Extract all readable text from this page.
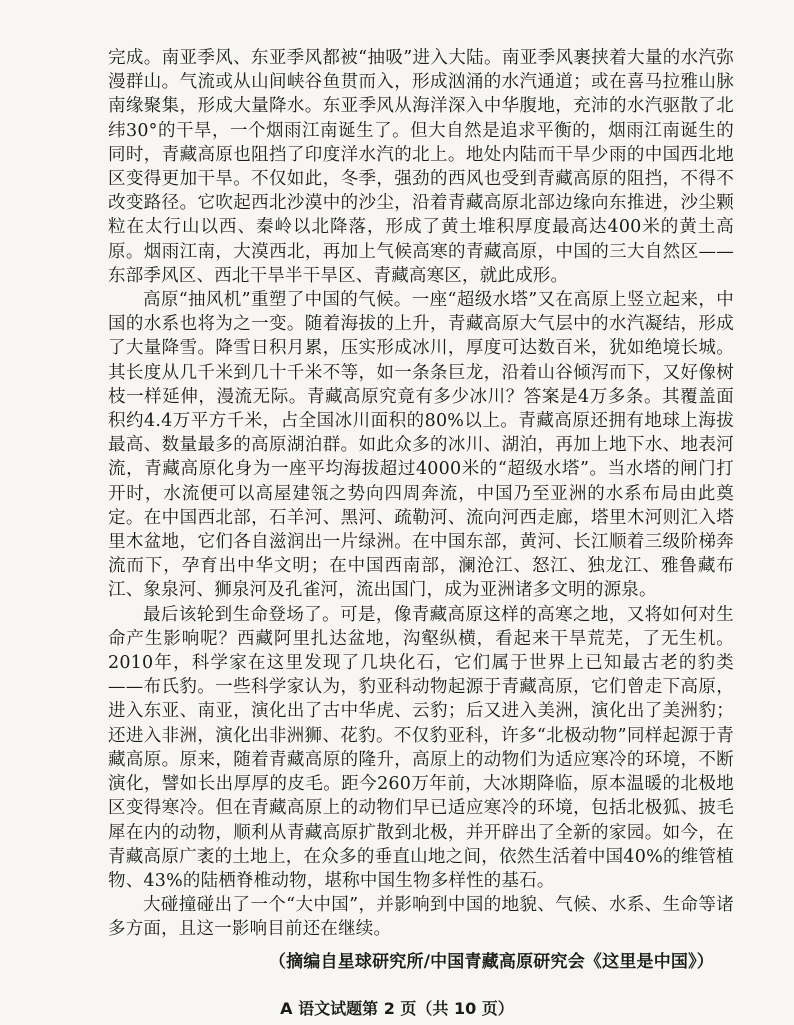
完成。南亚季风、东亚季风都被“抽吸”进入大陆。南亚季风裹挟着大量的水汽弥漫群山。气流或从山间峡谷鱼贯而入，形成汹涌的水汽通道；或在喜马拉雅山脉南缘聚集，形成大量降水。东亚季风从海洋深入中华腹地，充沛的水汽驱散了北纬30°的干旱，一个烟雨江南诞生了。但大自然是追求平衡的，烟雨江南诞生的同时，青藏高原也阻挡了印度洋水汽的北上。地处内陆而干旱少雨的中国西北地区变得更加干旱。不仅如此，冬季，强劲的西风也受到青藏高原的阻挡，不得不改变路径。它吹起西北沙漠中的沙尘，沿着青藏高原北部边缘向东推进，沙尘颗粒在太行山以西、秦岭以北降落，形成了黄土堆积厚度最高达400米的黄土高原。烟雨江南，大漠西北，再加上气候高寒的青藏高原，中国的三大自然区——东部季风区、西北干旱半干旱区、青藏高寒区，就此成形。

高原“抽风机”重塑了中国的气候。一座“超级水塔”又在高原上竖立起来，中国的水系也将为之一变。随着海拔的上升，青藏高原大气层中的水汽凝结，形成了大量降雪。降雪日积月累，压实形成冰川，厚度可达数百米，犹如绝境长城。其长度从几千米到几十千米不等，如一条条巨龙，沿着山谷倾泻而下，又好像树枝一样延伸，漫流无际。青藏高原究竟有多少冰川？答案是4万多条。其覆盖面积约4.4万平方千米，占全国冰川面积的80%以上。青藏高原还拥有地球上海拔最高、数量最多的高原湖泊群。如此众多的冰川、湖泊，再加上地下水、地表河流，青藏高原化身为一座平均海拔超过4000米的“超级水塔”。当水塔的闸门打开时，水流便可以高屋建瓴之势向四周奔流，中国乃至亚洲的水系布局由此奠定。在中国西北部，石羊河、黑河、疏勒河、流向河西走廊，塔里木河则汇入塔里木盆地，它们各自滋润出一片绿洲。在中国东部，黄河、长江顺着三级阶梯奔流而下，孕育出中华文明；在中国西南部，澜沧江、怒江、独龙江、雅鲁藏布江、象泉河、狮泉河及孔雀河，流出国门，成为亚洲诸多文明的源泉。

最后该轮到生命登场了。可是，像青藏高原这样的高寒之地，又将如何对生命产生影响呢？西藏阿里扎达盆地，沟壑纵横，看起来干旱荒芜，了无生机。2010年，科学家在这里发现了几块化石，它们属于世界上已知最古老的豹类——布氏豹。一些科学家认为，豹亚科动物起源于青藏高原，它们曾走下高原，进入东亚、南亚，演化出了古中华虎、云豹；后又进入美洲，演化出了美洲豹；还进入非洲，演化出非洲狮、花豹。不仅豹亚科，许多“北极动物”同样起源于青藏高原。原来，随着青藏高原的隆升，高原上的动物们为适应寒冷的环境，不断演化，譬如长出厚厚的皮毛。距今260万年前，大冰期降临，原本温暖的北极地区变得寒冷。但在青藏高原上的动物们早已适应寒冷的环境，包括北极狐、披毛犀在内的动物，顺利从青藏高原扩散到北极，并开辟出了全新的家园。如今，在青藏高原广袤的土地上，在众多的垂直山地之间，依然生活着中国40%的维管植物、43%的陆栖脊椎动物，堪称中国生物多样性的基石。

大碰撞碰出了一个“大中国”，并影响到中国的地貌、气候、水系、生命等诸多方面，且这一影响目前还在继续。

（摘编自星球研究所/中国青藏高原研究会《这里是中国》）

A 语文试题第 2 页（共 10 页）
